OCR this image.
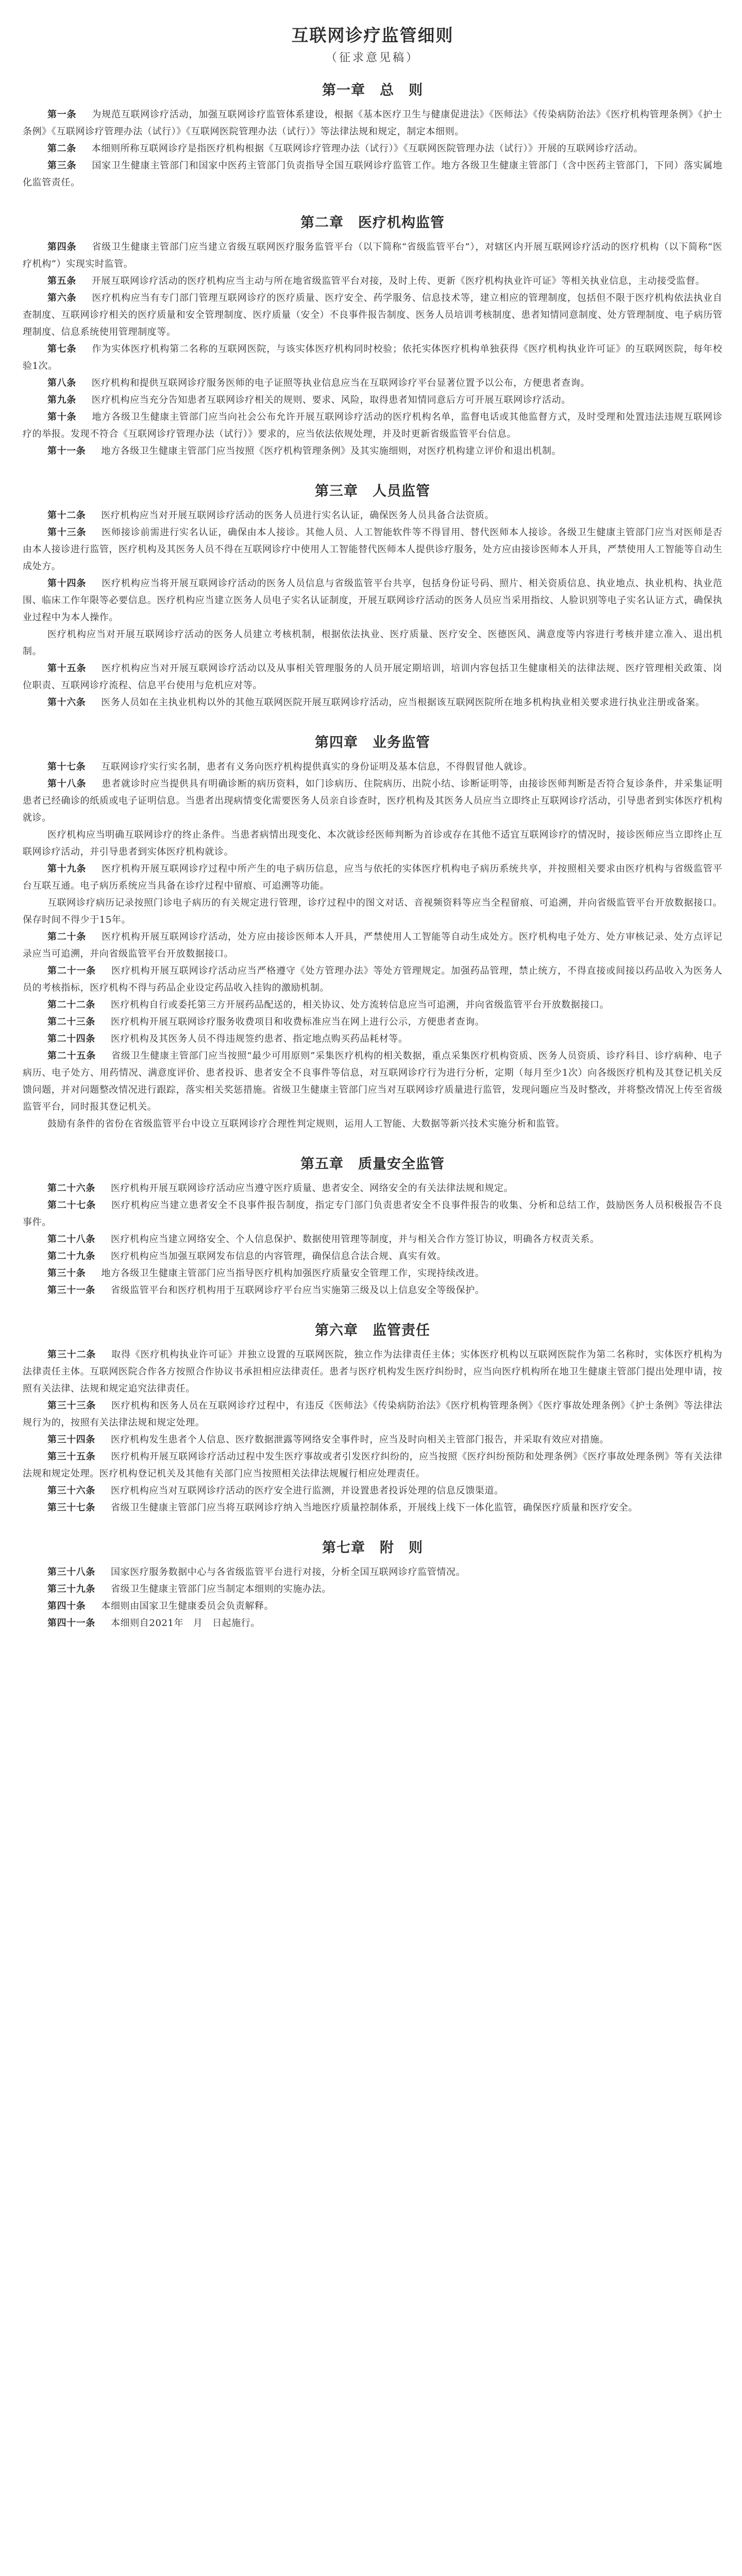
互联网诊疗监管细则
（征求意见稿）
第一章　总　则

第一条 为规范互联网诊疗活动，加强互联网诊疗监管体系建设，根据《基本医疗卫生与健康促进法》《医师法》《传染病防治法》《医疗机构管理条例》《护士条例》《互联网诊疗管理办法（试行）》《互联网医院管理办法（试行）》等法律法规和规定，制定本细则。

第二条 本细则所称互联网诊疗是指医疗机构根据《互联网诊疗管理办法（试行）》《互联网医院管理办法（试行）》开展的互联网诊疗活动。

第三条 国家卫生健康主管部门和国家中医药主管部门负责指导全国互联网诊疗监管工作。地方各级卫生健康主管部门（含中医药主管部门，下同）落实属地化监管责任。

第二章　医疗机构监管

第四条 省级卫生健康主管部门应当建立省级互联网医疗服务监管平台（以下简称“省级监管平台”），对辖区内开展互联网诊疗活动的医疗机构（以下简称“医疗机构”）实现实时监管。

第五条 开展互联网诊疗活动的医疗机构应当主动与所在地省级监管平台对接，及时上传、更新《医疗机构执业许可证》等相关执业信息，主动接受监督。

第六条 医疗机构应当有专门部门管理互联网诊疗的医疗质量、医疗安全、药学服务、信息技术等，建立相应的管理制度，包括但不限于医疗机构依法执业自查制度、互联网诊疗相关的医疗质量和安全管理制度、医疗质量（安全）不良事件报告制度、医务人员培训考核制度、患者知情同意制度、处方管理制度、电子病历管理制度、信息系统使用管理制度等。

第七条 作为实体医疗机构第二名称的互联网医院，与该实体医疗机构同时校验；依托实体医疗机构单独获得《医疗机构执业许可证》的互联网医院，每年校验1次。

第八条 医疗机构和提供互联网诊疗服务医师的电子证照等执业信息应当在互联网诊疗平台显著位置予以公布，方便患者查询。

第九条 医疗机构应当充分告知患者互联网诊疗相关的规则、要求、风险，取得患者知情同意后方可开展互联网诊疗活动。

第十条 地方各级卫生健康主管部门应当向社会公布允许开展互联网诊疗活动的医疗机构名单，监督电话或其他监督方式，及时受理和处置违法违规互联网诊疗的举报。发现不符合《互联网诊疗管理办法（试行）》要求的，应当依法依规处理，并及时更新省级监管平台信息。

第十一条 地方各级卫生健康主管部门应当按照《医疗机构管理条例》及其实施细则，对医疗机构建立评价和退出机制。

第三章　人员监管

第十二条 医疗机构应当对开展互联网诊疗活动的医务人员进行实名认证，确保医务人员具备合法资质。

第十三条 医师接诊前需进行实名认证，确保由本人接诊。其他人员、人工智能软件等不得冒用、替代医师本人接诊。各级卫生健康主管部门应当对医师是否由本人接诊进行监管，医疗机构及其医务人员不得在互联网诊疗中使用人工智能替代医师本人提供诊疗服务，处方应由接诊医师本人开具，严禁使用人工智能等自动生成处方。

第十四条 医疗机构应当将开展互联网诊疗活动的医务人员信息与省级监管平台共享，包括身份证号码、照片、相关资质信息、执业地点、执业机构、执业范围、临床工作年限等必要信息。医疗机构应当建立医务人员电子实名认证制度，开展互联网诊疗活动的医务人员应当采用指纹、人脸识别等电子实名认证方式，确保执业过程中为本人操作。

医疗机构应当对开展互联网诊疗活动的医务人员建立考核机制，根据依法执业、医疗质量、医疗安全、医德医风、满意度等内容进行考核并建立准入、退出机制。

第十五条 医疗机构应当对开展互联网诊疗活动以及从事相关管理服务的人员开展定期培训，培训内容包括卫生健康相关的法律法规、医疗管理相关政策、岗位职责、互联网诊疗流程、信息平台使用与危机应对等。

第十六条 医务人员如在主执业机构以外的其他互联网医院开展互联网诊疗活动，应当根据该互联网医院所在地多机构执业相关要求进行执业注册或备案。

第四章　业务监管

第十七条 互联网诊疗实行实名制，患者有义务向医疗机构提供真实的身份证明及基本信息，不得假冒他人就诊。

第十八条 患者就诊时应当提供具有明确诊断的病历资料，如门诊病历、住院病历、出院小结、诊断证明等，由接诊医师判断是否符合复诊条件，并采集证明患者已经确诊的纸质或电子证明信息。当患者出现病情变化需要医务人员亲自诊查时，医疗机构及其医务人员应当立即终止互联网诊疗活动，引导患者到实体医疗机构就诊。

医疗机构应当明确互联网诊疗的终止条件。当患者病情出现变化、本次就诊经医师判断为首诊或存在其他不适宜互联网诊疗的情况时，接诊医师应当立即终止互联网诊疗活动，并引导患者到实体医疗机构就诊。

第十九条 医疗机构开展互联网诊疗过程中所产生的电子病历信息，应当与依托的实体医疗机构电子病历系统共享，并按照相关要求由医疗机构与省级监管平台互联互通。电子病历系统应当具备在诊疗过程中留痕、可追溯等功能。

互联网诊疗病历记录按照门诊电子病历的有关规定进行管理，诊疗过程中的图文对话、音视频资料等应当全程留痕、可追溯，并向省级监管平台开放数据接口。保存时间不得少于15年。

第二十条 医疗机构开展互联网诊疗活动，处方应由接诊医师本人开具，严禁使用人工智能等自动生成处方。医疗机构电子处方、处方审核记录、处方点评记录应当可追溯，并向省级监管平台开放数据接口。

第二十一条 医疗机构开展互联网诊疗活动应当严格遵守《处方管理办法》等处方管理规定。加强药品管理，禁止统方，不得直接或间接以药品收入为医务人员的考核指标，医疗机构不得与药品企业设定药品收入挂钩的激励机制。

第二十二条 医疗机构自行或委托第三方开展药品配送的，相关协议、处方流转信息应当可追溯，并向省级监管平台开放数据接口。

第二十三条 医疗机构开展互联网诊疗服务收费项目和收费标准应当在网上进行公示，方便患者查询。

第二十四条 医疗机构及其医务人员不得违规签约患者、指定地点购买药品耗材等。

第二十五条 省级卫生健康主管部门应当按照“最少可用原则”采集医疗机构的相关数据，重点采集医疗机构资质、医务人员资质、诊疗科目、诊疗病种、电子病历、电子处方、用药情况、满意度评价、患者投诉、患者安全不良事件等信息，对互联网诊疗行为进行分析，定期（每月至少1次）向各级医疗机构及其登记机关反馈问题，并对问题整改情况进行跟踪，落实相关奖惩措施。省级卫生健康主管部门应当对互联网诊疗质量进行监管，发现问题应当及时整改，并将整改情况上传至省级监管平台，同时报其登记机关。

鼓励有条件的省份在省级监管平台中设立互联网诊疗合理性判定规则，运用人工智能、大数据等新兴技术实施分析和监管。

第五章　质量安全监管

第二十六条 医疗机构开展互联网诊疗活动应当遵守医疗质量、患者安全、网络安全的有关法律法规和规定。

第二十七条 医疗机构应当建立患者安全不良事件报告制度，指定专门部门负责患者安全不良事件报告的收集、分析和总结工作，鼓励医务人员积极报告不良事件。

第二十八条 医疗机构应当建立网络安全、个人信息保护、数据使用管理等制度，并与相关合作方签订协议，明确各方权责关系。

第二十九条 医疗机构应当加强互联网发布信息的内容管理，确保信息合法合规、真实有效。

第三十条 地方各级卫生健康主管部门应当指导医疗机构加强医疗质量安全管理工作，实现持续改进。

第三十一条 省级监管平台和医疗机构用于互联网诊疗平台应当实施第三级及以上信息安全等级保护。

第六章　监管责任

第三十二条 取得《医疗机构执业许可证》并独立设置的互联网医院，独立作为法律责任主体；实体医疗机构以互联网医院作为第二名称时，实体医疗机构为法律责任主体。互联网医院合作各方按照合作协议书承担相应法律责任。患者与医疗机构发生医疗纠纷时，应当向医疗机构所在地卫生健康主管部门提出处理申请，按照有关法律、法规和规定追究法律责任。

第三十三条 医疗机构和医务人员在互联网诊疗过程中，有违反《医师法》《传染病防治法》《医疗机构管理条例》《医疗事故处理条例》《护士条例》等法律法规行为的，按照有关法律法规和规定处理。

第三十四条 医疗机构发生患者个人信息、医疗数据泄露等网络安全事件时，应当及时向相关主管部门报告，并采取有效应对措施。

第三十五条 医疗机构开展互联网诊疗活动过程中发生医疗事故或者引发医疗纠纷的，应当按照《医疗纠纷预防和处理条例》《医疗事故处理条例》等有关法律法规和规定处理。医疗机构登记机关及其他有关部门应当按照相关法律法规履行相应处理责任。

第三十六条 医疗机构应当对互联网诊疗活动的医疗安全进行监测，并设置患者投诉处理的信息反馈渠道。

第三十七条 省级卫生健康主管部门应当将互联网诊疗纳入当地医疗质量控制体系，开展线上线下一体化监管，确保医疗质量和医疗安全。

第七章　附　则

第三十八条 国家医疗服务数据中心与各省级监管平台进行对接，分析全国互联网诊疗监管情况。

第三十九条 省级卫生健康主管部门应当制定本细则的实施办法。

第四十条 本细则由国家卫生健康委员会负责解释。

第四十一条 本细则自2021年　月　日起施行。
